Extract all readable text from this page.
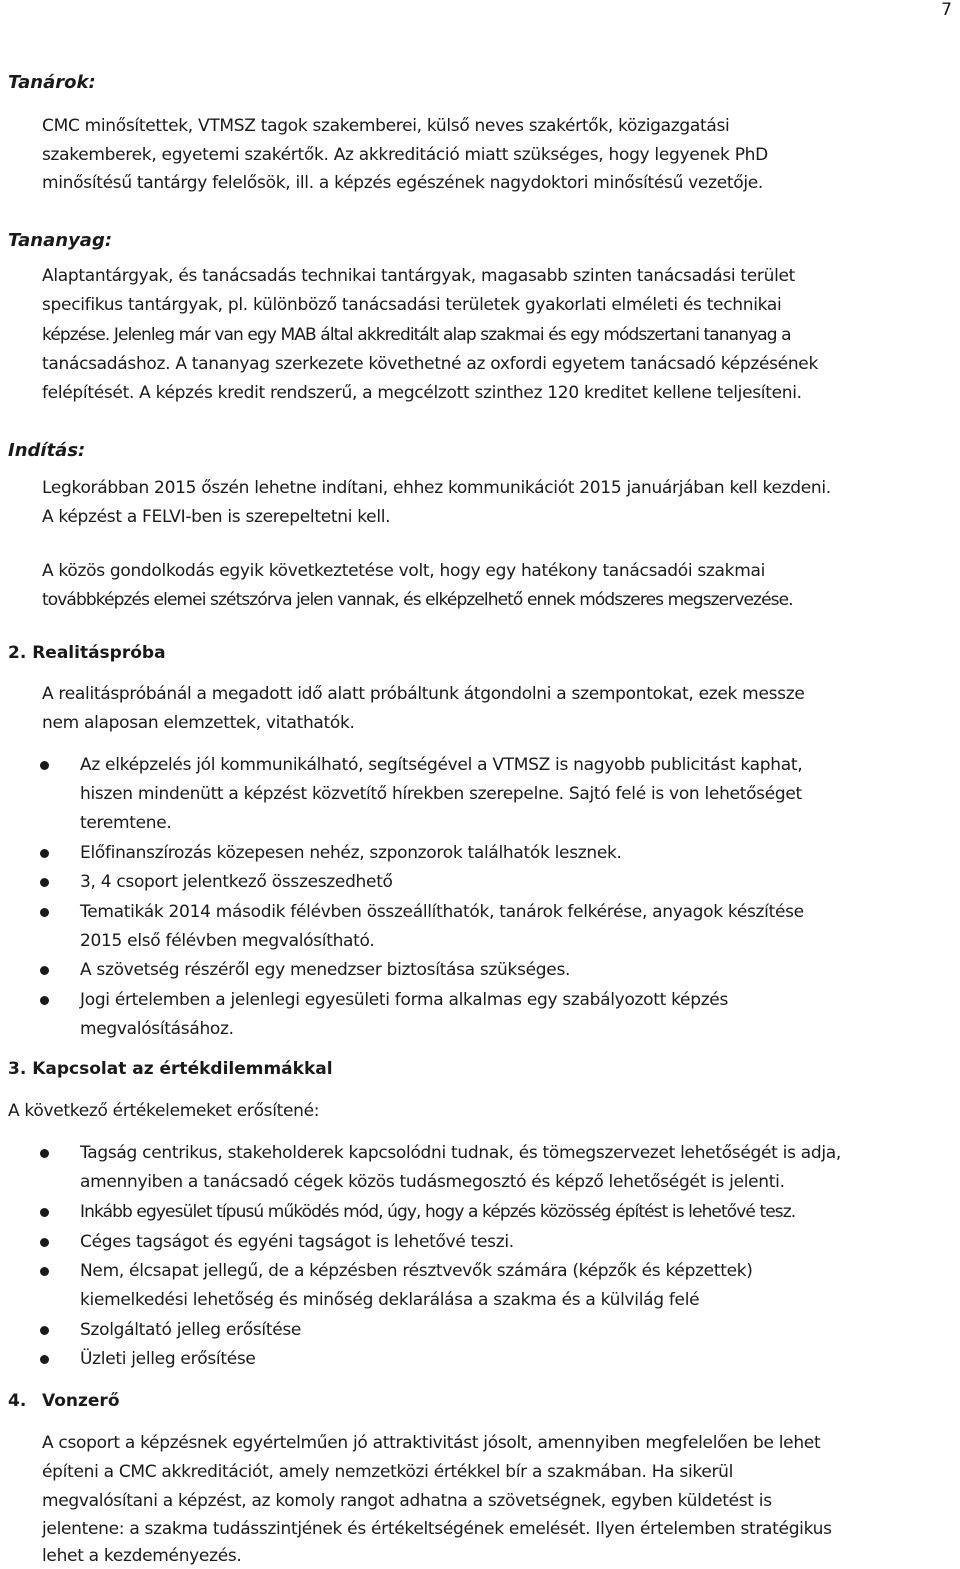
7
Tanárok:
CMC minősítettek, VTMSZ tagok szakemberei, külső neves szakértők, közigazgatási
szakemberek, egyetemi szakértők. Az akkreditáció miatt szükséges, hogy legyenek PhD
minősítésű tantárgy felelősök, ill. a képzés egészének nagydoktori minősítésű vezetője.
Tananyag:
Alaptantárgyak, és tanácsadás technikai tantárgyak, magasabb szinten tanácsadási terület
specifikus tantárgyak, pl. különböző tanácsadási területek gyakorlati elméleti és technikai
képzése. Jelenleg már van egy MAB által akkreditált alap szakmai és egy módszertani tananyag a
tanácsadáshoz. A tananyag szerkezete követhetné az oxfordi egyetem tanácsadó képzésének
felépítését. A képzés kredit rendszerű, a megcélzott szinthez 120 kreditet kellene teljesíteni.
Indítás:
Legkorábban 2015 őszén lehetne indítani, ehhez kommunikációt 2015 januárjában kell kezdeni.
A képzést a FELVI-ben is szerepeltetni kell.
A közös gondolkodás egyik következtetése volt, hogy egy hatékony tanácsadói szakmai
továbbképzés elemei szétszórva jelen vannak, és elképzelhető ennek módszeres megszervezése.
2. Realitáspróba
A realitáspróbánál a megadott idő alatt próbáltunk átgondolni a szempontokat, ezek messze
nem alaposan elemzettek, vitathatók.
Az elképzelés jól kommunikálható, segítségével a VTMSZ is nagyobb publicitást kaphat,
hiszen mindenütt a képzést közvetítő hírekben szerepelne. Sajtó felé is von lehetőséget
teremtene.
Előfinanszírozás közepesen nehéz, szponzorok találhatók lesznek.
3, 4 csoport jelentkező összeszedhető
Tematikák 2014 második félévben összeállíthatók, tanárok felkérése, anyagok készítése
2015 első félévben megvalósítható.
A szövetség részéről egy menedzser biztosítása szükséges.
Jogi értelemben a jelenlegi egyesületi forma alkalmas egy szabályozott képzés
megvalósításához.
3. Kapcsolat az értékdilemmákkal
A következő értékelemeket erősítené:
Tagság centrikus, stakeholderek kapcsolódni tudnak, és tömegszervezet lehetőségét is adja,
amennyiben a tanácsadó cégek közös tudásmegosztó és képző lehetőségét is jelenti.
Inkább egyesület típusú működés mód, úgy, hogy a képzés közösség építést is lehetővé tesz.
Céges tagságot és egyéni tagságot is lehetővé teszi.
Nem, élcsapat jellegű, de a képzésben résztvevők számára (képzők és képzettek)
kiemelkedési lehetőség és minőség deklarálása a szakma és a külvilág felé
Szolgáltató jelleg erősítése
Üzleti jelleg erősítése
4. Vonzerő
A csoport a képzésnek egyértelműen jó attraktivitást jósolt, amennyiben megfelelően be lehet
építeni a CMC akkreditációt, amely nemzetközi értékkel bír a szakmában. Ha sikerül
megvalósítani a képzést, az komoly rangot adhatna a szövetségnek, egyben küldetést is
jelentene: a szakma tudásszintjének és értékeltségének emelését. Ilyen értelemben stratégikus
lehet a kezdeményezés.
